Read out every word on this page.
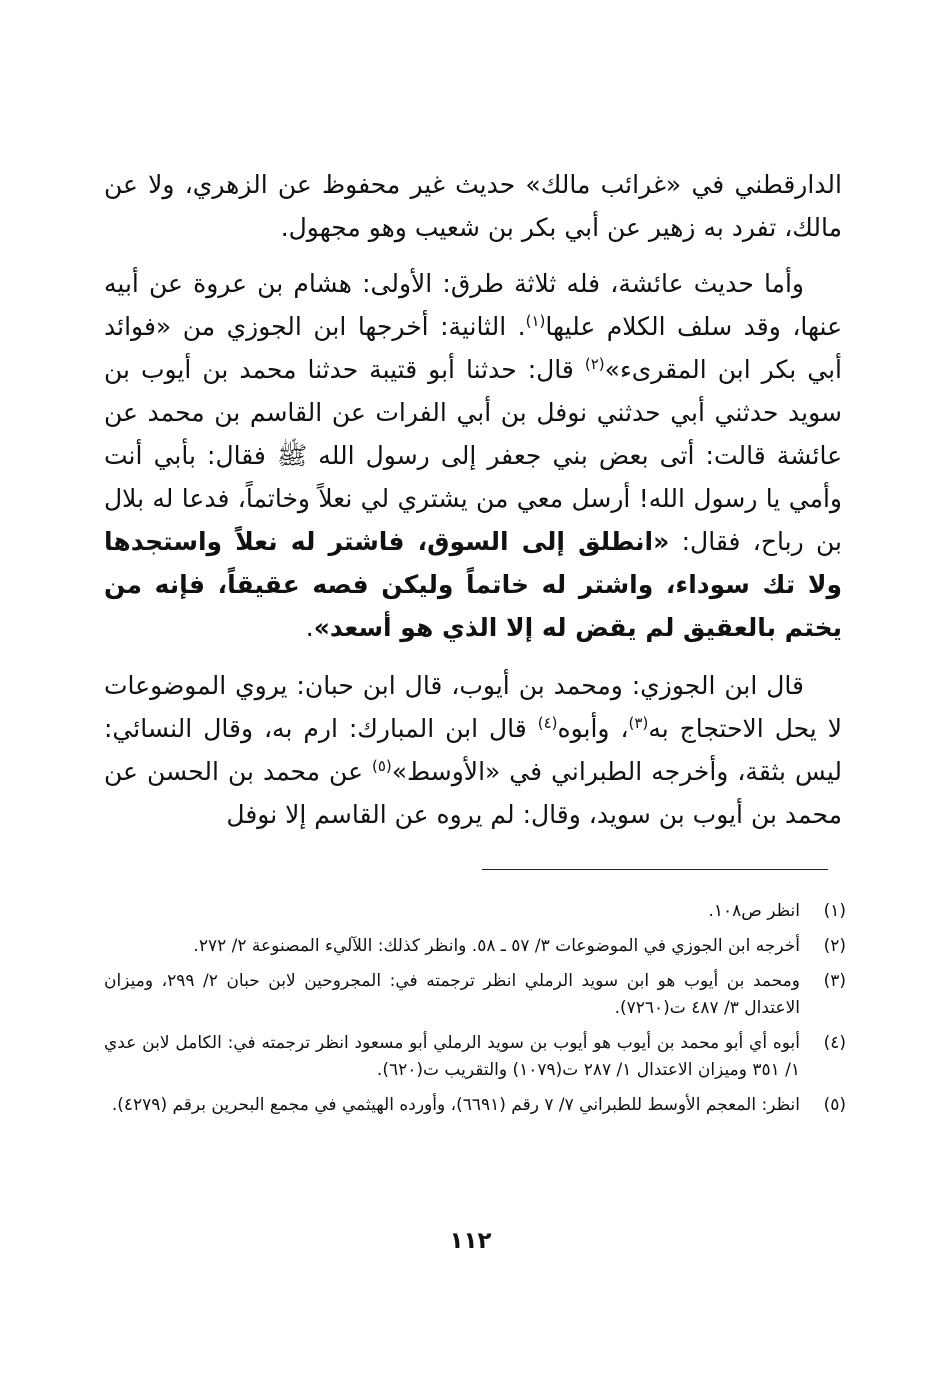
الدارقطني في «غرائب مالك» حديث غير محفوظ عن الزهري، ولا عن مالك، تفرد به زهير عن أبي بكر بن شعيب وهو مجهول.

وأما حديث عائشة، فله ثلاثة طرق: الأولى: هشام بن عروة عن أبيه عنها، وقد سلف الكلام عليها$^{(١)}$. الثانية: أخرجها ابن الجوزي من «فوائد أبي بكر ابن المقرىء»$^{(٢)}$ قال: حدثنا أبو قتيبة حدثنا محمد بن أيوب بن سويد حدثني أبي حدثني نوفل بن أبي الفرات عن القاسم بن محمد عن عائشة قالت: أتى بعض بني جعفر إلى رسول الله ﷺ فقال: بأبي أنت وأمي يا رسول الله! أرسل معي من يشتري لي نعلاً وخاتماً، فدعا له بلال بن رباح، فقال: «انطلق إلى السوق، فاشتر له نعلاً واستجدها ولا تك سوداء، واشتر له خاتماً وليكن فصه عقيقاً، فإنه من يختم بالعقيق لم يقض له إلا الذي هو أسعد».

قال ابن الجوزي: ومحمد بن أيوب، قال ابن حبان: يروي الموضوعات لا يحل الاحتجاج به$^{(٣)}$، وأبوه$^{(٤)}$ قال ابن المبارك: ارم به، وقال النسائي: ليس بثقة، وأخرجه الطبراني في «الأوسط»$^{(٥)}$ عن محمد بن الحسن عن محمد بن أيوب بن سويد، وقال: لم يروه عن القاسم إلا نوفل

(١)
انظر ص١٠٨.
(٢)
أخرجه ابن الجوزي في الموضوعات ٣/ ٥٧ ـ ٥٨. وانظر كذلك: اللآليء المصنوعة ٢/ ٢٧٢.
(٣)
ومحمد بن أيوب هو ابن سويد الرملي انظر ترجمته في: المجروحين لابن حبان ٢/ ٢٩٩، وميزان الاعتدال ٣/ ٤٨٧ ت(٧٢٦٠).
(٤)
أبوه أي أبو محمد بن أيوب هو أيوب بن سويد الرملي أبو مسعود انظر ترجمته في: الكامل لابن عدي ١/ ٣٥١ وميزان الاعتدال ١/ ٢٨٧ ت(١٠٧٩) والتقريب ت(٦٢٠).
(٥)
انظر: المعجم الأوسط للطبراني ٧/ ٧ رقم (٦٦٩١)، وأورده الهيثمي في مجمع البحرين برقم (٤٢٧٩).
١١٢
